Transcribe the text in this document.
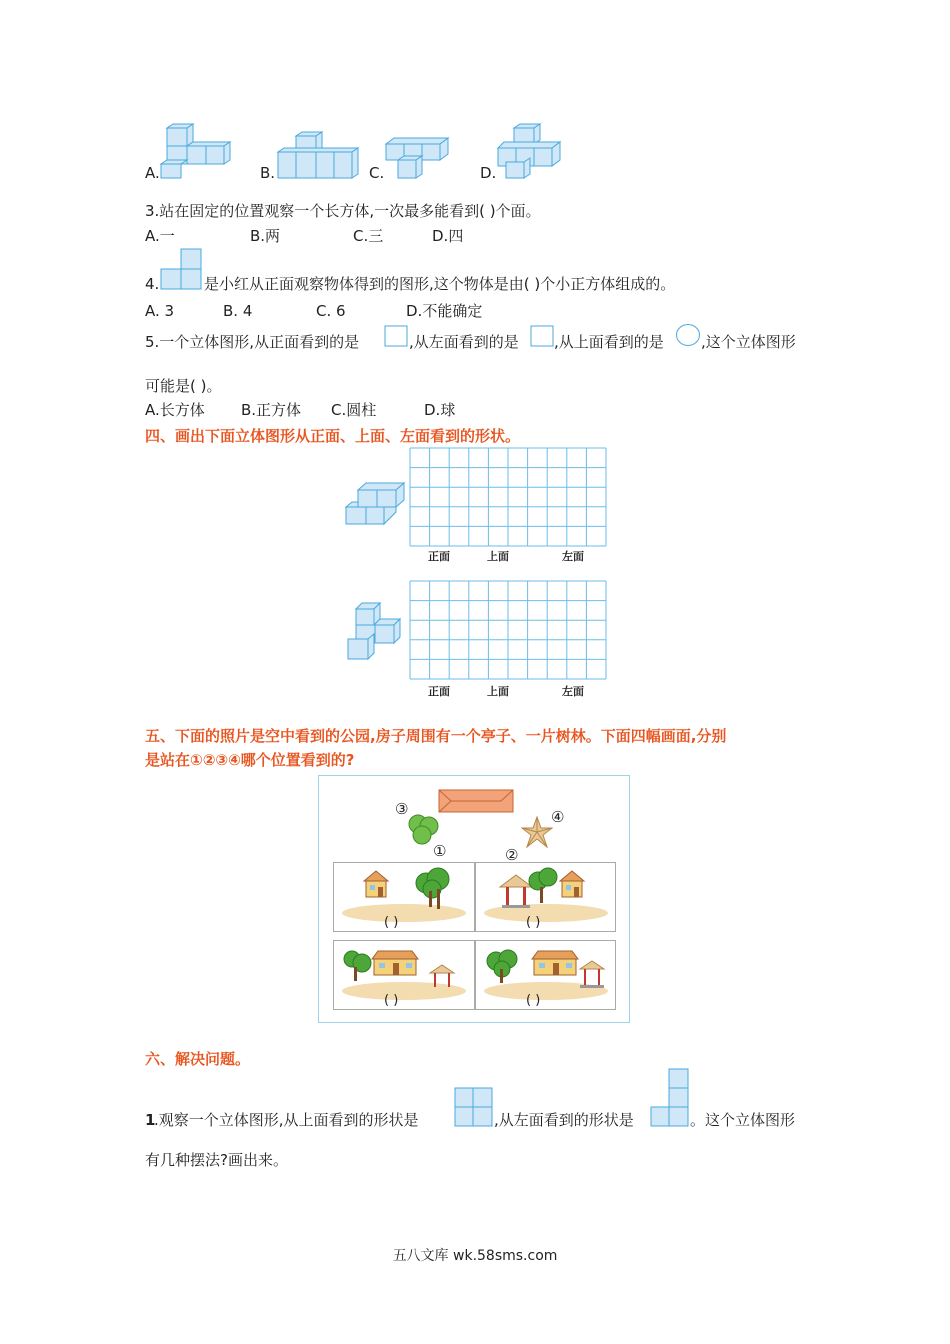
A.	B.	C.	D.
3.站在固定的位置观察一个长方体,一次最多能看到( )个面。
A.一	B.两	C.三	D.四
4.	是小红从正面观察物体得到的图形,这个物体是由( )个小正方体组成的。
A. 3	B. 4	C. 6	D.不能确定
5.一个立体图形,从正面看到的是	,从左面看到的是 ,从上面看到的是 ,这个立体图形
可能是( )。
A.长方体 B.正方体 C.圆柱	D.球
四、画出下面立体图形从正面、上面、左面看到的形状。
正面	上面	左面
正面	上面	左面
五、下面的照片是空中看到的公园,房子周围有一个亭子、一片树林。下面四幅画面,分别
是站在①②③④哪个位置看到的?
③	④
①	②
( )	( )
( )	( )
六、解决问题。
1
.观察一个立体图形,从上面看到的形状是	,从左面看到的形状是	。这个立体图形
有几种摆法?画出来。
五八文库 wk.58sms.com
